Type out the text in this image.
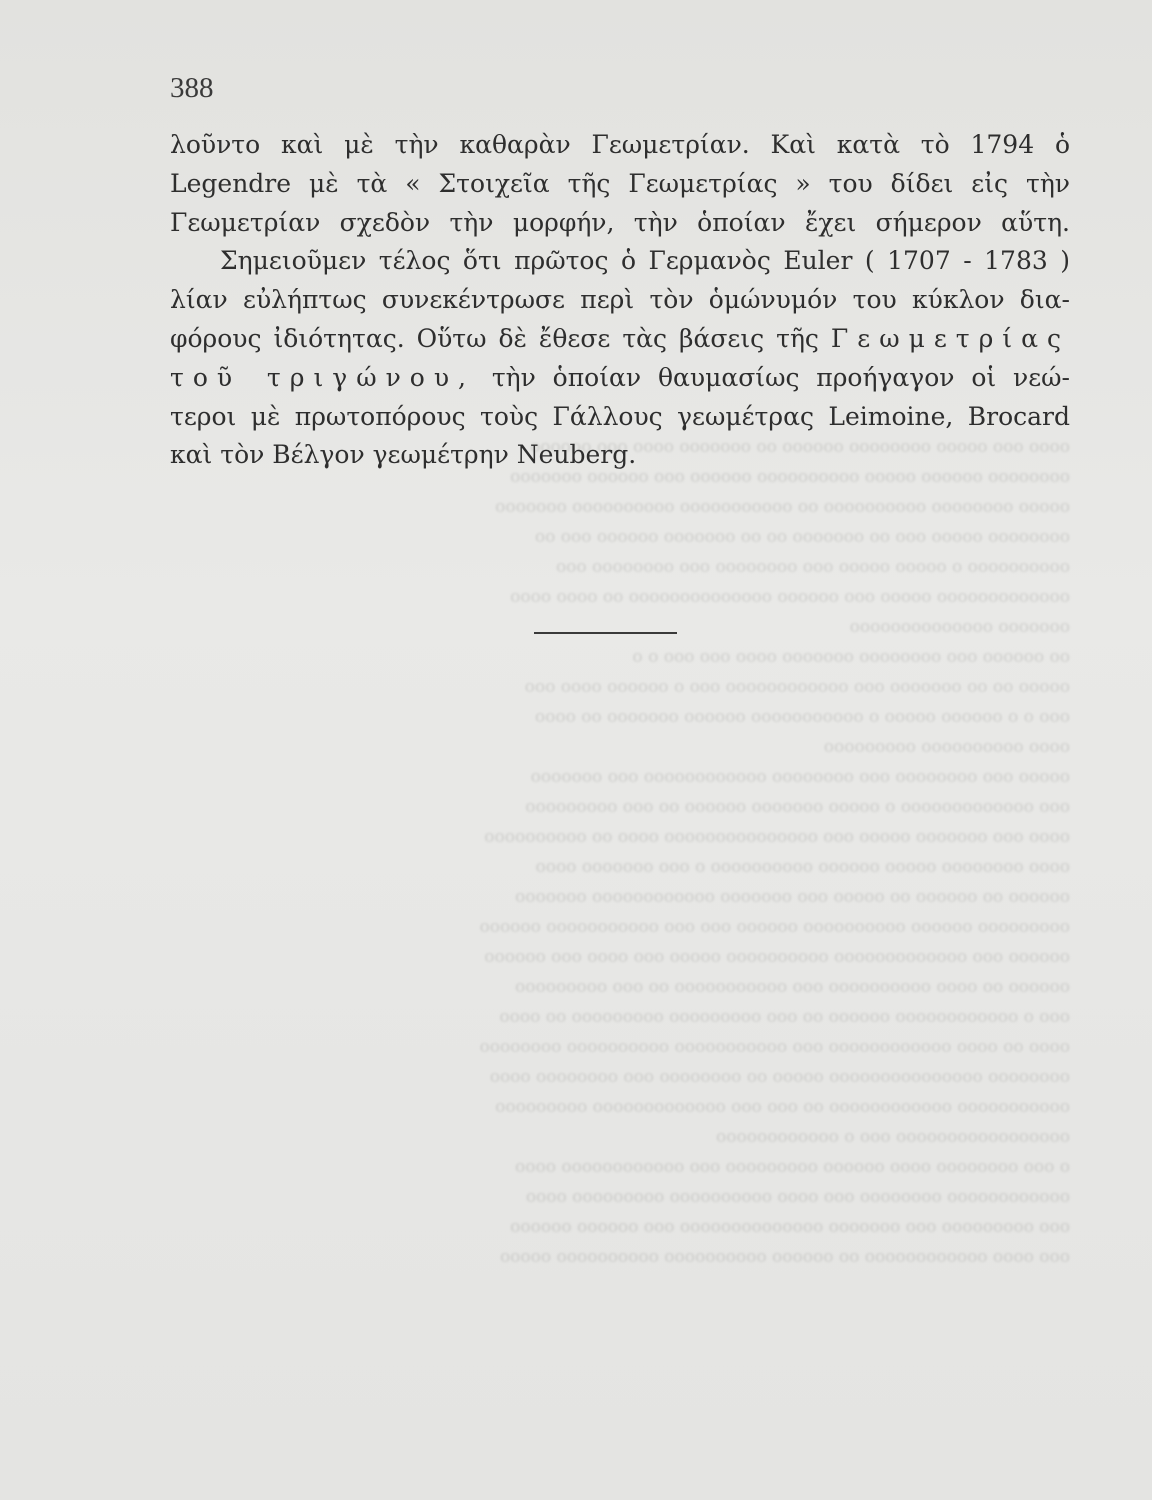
οοοο οοο οοοοο οοοοοοοο οοοοοο οο οοοοοοο οοοο οοο οοοοοο
οοοοοοοο οοοοοο οοοοο οοοοοοοοοο οοοοοο οοο οοοοοο οοοοοοο
οοοοο οοοοοοοο οοοοοοοοοο οο οοοοοοοοοοο οοοοοοοοοο οοοοοοο
οοοοοοοο οοοοο οοο οο οοοοοοο οο οο οοοοοοο οοοοοο οοο οο
οοοοοοοοοο ο οοοοο οοοοο οοο οοοοοοοο οοο οοοοοοοο οοο
οοοοοοοοοοοοο οοοοο οοο οοοοοο οοοοοοοοοοοοοο οο οοοο οοοο
οοοοοοο οοοοοοοοοοοοοο
οο οοοοοο οοο οοοοοοοο οοοοοοο οοοο οοο οοο ο ο
οοοοο οο οο οοοοοοο οοο οοοοοοοοοοοο οοο ο οοοοοο οοοο οοο
οοο ο ο οοοοοο οοοοο ο οοοοοοοοοοο οοοοοο οοοοοοο οο οοοο
οοοο οοοοοοοοοο οοοοοοοοο
οοοοο οοο οοοοοοοο οοο οοοοοοοο οοοοοοοοοοοο οοο οοοοοοο
οοο οοοοοοοοοοοοο ο οοοοο οοοοοοο οοοοοο οο οοο οοοοοοοοο
οοοο οοο οοοοοοο οοοοο οοο οοοοοοοοοοοοοοο οοοο οο οοοοοοοοοο
οοοο οοοοοοοο οοοοο οοοοοο οοοοοοοοοο ο οοο οοοοοοο οοοο
οοοοοο οο οοοοοο οο οοοοο οοο οοοοοοο οοοοοοοοοοοο οοοοοοο
οοοοοοοοο οοοοοο οοοοοοοοοο οοοοοο οοο οοο οοοοοοοοοοο οοοοοο
οοοοοο οοο οοοοοοοοοοοοο οοοοοοοοοο οοοοο οοο οοοο οοο οοοοοο
οοοοοο οο οοοο οοοοοοοοοο οοο οοοοοοοοοοο οο οοο οοοοοοοοο
οοο ο οοοοοοοοοοοο οοοοοο οο οοο οοοοοοοοο οοοοοοοοο οο οοοο
οοοο οο οοοο οοοοοοοοοοοο οοο οοοοοοοοοοο οοοοοοοοοο οοοοοοοο
οοοοοοοο οοοοοοοοοοοοοοο οοοοο οο οοοοοοοο οοο οοοοοοοο οοοο
οοοοοοοοοοο οοοοοοοοοοοο οο οοο οοο οοοοοοοοοοοοο οοοοοοοοο
οοοοοοοοοοοοοοοοο οοο ο οοοοοοοοοοοο
ο οοο οοοοοοοο οοοο οοοοοο οοοοοοοοο οοο οοοοοοοοοοοο οοοο
οοοοοοοοοοοο οοοοοοοο οοο οοοο οοοοοοοοοο οοοοοοοοο οοοο
οοο οοοοοοοοο οοο οοοοοοο οοοοοοοοοοοοοο οοο οοοοοο οοοοοο
οοο οοοο οοοοοοοοοοοο οο οοοοοο οοοοοοοοοο οοοοοοοοοο οοοοο
388
λοῦντο καὶ μὲ τὴν καθαρὰν Γεωμετρίαν. Καὶ κατὰ τὸ 1794 ὁ
Legendre μὲ τὰ « Στοιχεῖα τῆς Γεωμετρίας » του δίδει εἰς τὴν
Γεωμετρίαν σχεδὸν τὴν μορφήν, τὴν ὁποίαν ἔχει σήμερον αὕτη.
Σημειοῦμεν τέλος ὅτι πρῶτος ὁ Γερμανὸς Euler ( 1707 - 1783 )
λίαν εὐλήπτως συνεκέντρωσε περὶ τὸν ὁμώνυμόν του κύκλον δια-
φόρους ἰδιότητας. Οὕτω δὲ ἔθεσε τὰς βάσεις τῆς Γεωμετρίας
τοῦ τριγώνου, τὴν ὁποίαν θαυμασίως προήγαγον οἱ νεώ-
τεροι μὲ πρωτοπόρους τοὺς Γάλλους γεωμέτρας Leimoine, Brocard
καὶ τὸν Βέλγον γεωμέτρην Neuberg.
